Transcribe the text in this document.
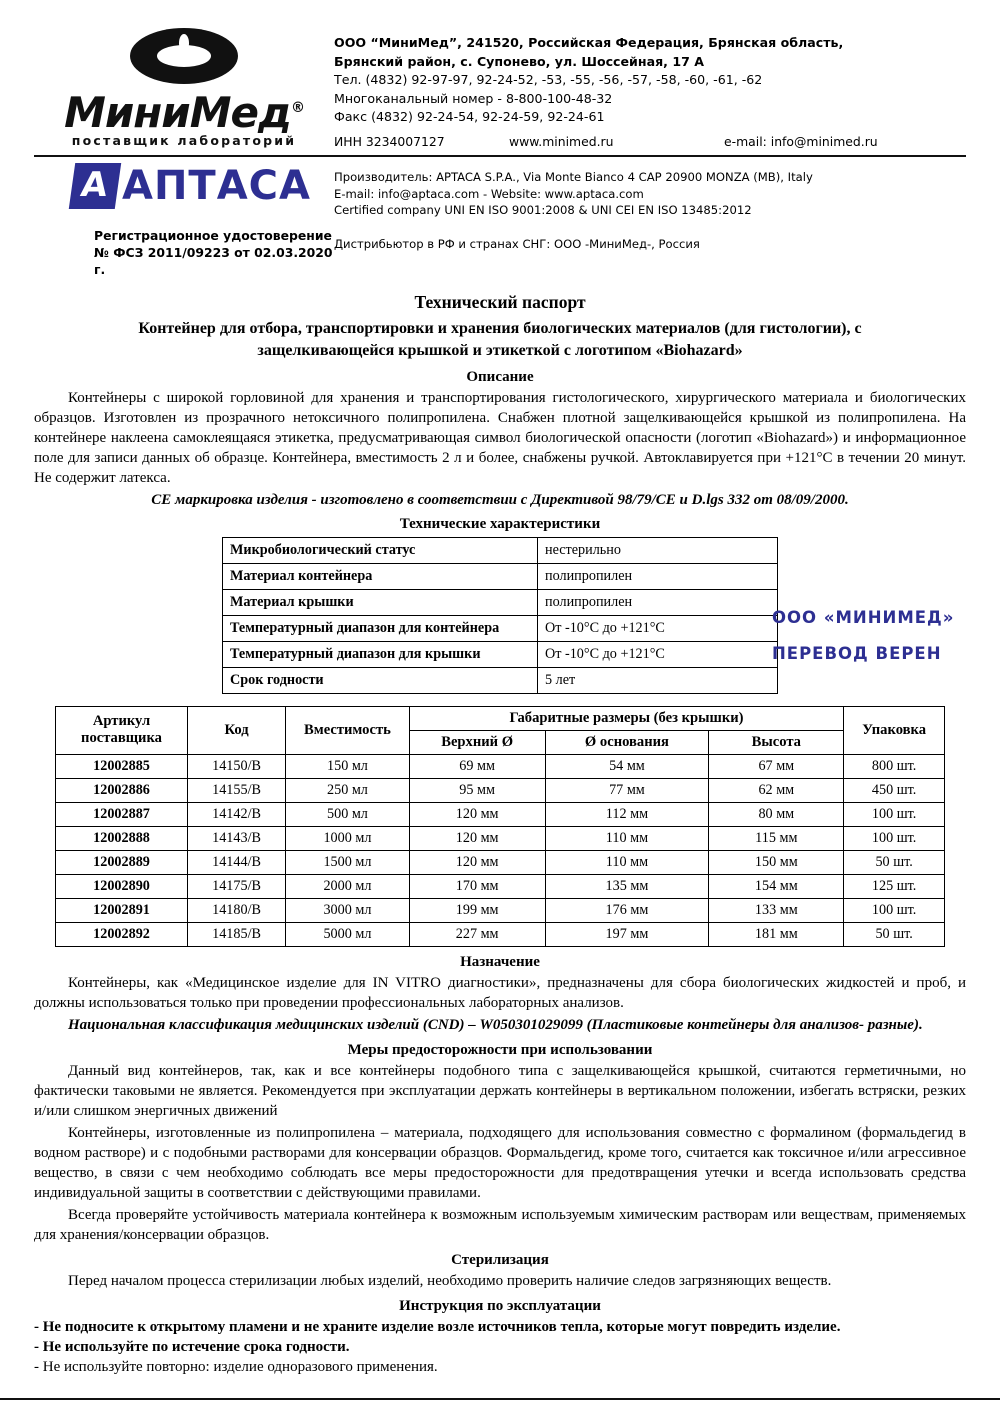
МиниМед®
поставщик лабораторий
ООО “МиниМед”, 241520, Российская Федерация, Брянская область,
Брянский район, с. Супонево, ул. Шоссейная, 17 А
Тел. (4832) 92-97-97, 92-24-52, -53, -55, -56, -57, -58, -60, -61, -62
Многоканальный номер - 8-800-100-48-32
Факс (4832) 92-24-54, 92-24-59, 92-24-61
ИНН 3234007127	www.minimed.ru	e-mail: info@minimed.ru
A
АПТАСА Производитель: APTACA S.P.A., Via Monte Bianco 4 CAP 20900 MONZA (MB), Italy
E-mail: info@aptaca.com - Website: www.aptaca.com
Certified company UNI EN ISO 9001:2008 & UNI CEI EN ISO 13485:2012
Регистрационное удостоверение
№ ФСЗ 2011/09223 от 02.03.2020 г.
Дистрибьютор в РФ и странах СНГ: ООО -МиниМед-, Россия
Технический паспорт
Контейнер для отбора, транспортировки и хранения биологических материалов (для гистологии), с
защелкивающейся крышкой и этикеткой с логотипом «Biohazard»
Описание

Контейнеры с широкой горловиной для хранения и транспортирования гистологического, хирургического материала и биологических образцов. Изготовлен из прозрачного нетоксичного полипропилена. Снабжен плотной защелкивающейся крышкой из полипропилена. На контейнере наклеена самоклеящаяся этикетка, предусматривающая символ биологической опасности (логотип «Biohazard») и информационное поле для записи данных об образце. Контейнера, вместимость 2 л и более, снабжены ручкой. Автоклавируется при +121°С в течении 20 минут. Не содержит латекса.

СЕ маркировка изделия - изготовлено в соответствии с Директивой 98/79/СЕ и D.lgs 332 от 08/09/2000.
Технические характеристики
Микробиологический статус	нестерильно
Материал контейнера	полипропилен
Материал крышки	полипропилен
Температурный диапазон для контейнера	От -10°С до +121°С
Температурный диапазон для крышки	От -10°С до +121°С
Срок годности	5 лет
ООО «МИНИМЕД»
ПЕРЕВОД ВЕРЕН
Артикул поставщика	Код	Вместимость	Габаритные размеры (без крышки)			Упаковка
			Верхний Ø	Ø основания	Высота	
12002885	14150/В	150 мл	69 мм	54 мм	67 мм	800 шт.
12002886	14155/В	250 мл	95 мм	77 мм	62 мм	450 шт.
12002887	14142/В	500 мл	120 мм	112 мм	80 мм	100 шт.
12002888	14143/В	1000 мл	120 мм	110 мм	115 мм	100 шт.
12002889	14144/В	1500 мл	120 мм	110 мм	150 мм	50 шт.
12002890	14175/В	2000 мл	170 мм	135 мм	154 мм	125 шт.
12002891	14180/В	3000 мл	199 мм	176 мм	133 мм	100 шт.
12002892	14185/В	5000 мл	227 мм	197 мм	181 мм	50 шт.
Назначение

Контейнеры, как «Медицинское изделие для IN VITRO диагностики», предназначены для сбора биологических жидкостей и проб, и должны использоваться только при проведении профессиональных лабораторных анализов.

Национальная классификация медицинских изделий (CND) – W050301029099 (Пластиковые контейнеры для анализов- разные).
Меры предосторожности при использовании

Данный вид контейнеров, так, как и все контейнеры подобного типа с защелкивающейся крышкой, считаются герметичными, но фактически таковыми не является. Рекомендуется при эксплуатации держать контейнеры в вертикальном положении, избегать встряски, резких и/или слишком энергичных движений

Контейнеры, изготовленные из полипропилена – материала, подходящего для использования совместно с формалином (формальдегид в водном растворе) и с подобными растворами для консервации образцов. Формальдегид, кроме того, считается как токсичное и/или агрессивное вещество, в связи с чем необходимо соблюдать все меры предосторожности для предотвращения утечки и всегда использовать средства индивидуальной защиты в соответствии с действующими правилами.

Всегда проверяйте устойчивость материала контейнера к возможным используемым химическим растворам или веществам, применяемых для хранения/консервации образцов.

Стерилизация

Перед началом процесса стерилизации любых изделий, необходимо проверить наличие следов загрязняющих веществ.

Инструкция по эксплуатации
- Не подносите к открытому пламени и не храните изделие возле источников тепла, которые могут повредить изделие.
- Не используйте по истечение срока годности.
- Не используйте повторно: изделие одноразового применения.
